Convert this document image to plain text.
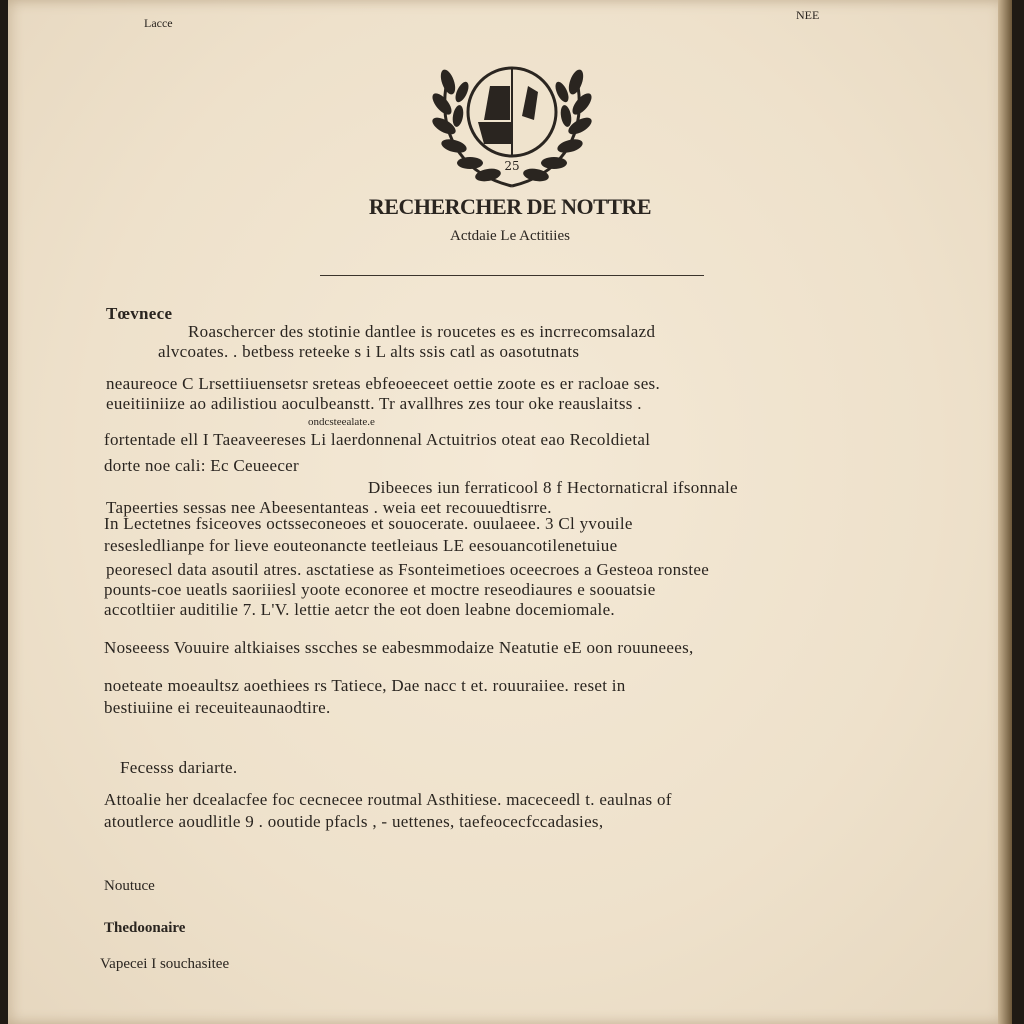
Lacce
NEE
25
RECHERCHER DE NOTTRE
Actdaie Le Actitiies
Tœvnece
Roaschercer des stotinie dantlee is roucetes es es incrrecomsalazd
alvcoates. . betbess reteeke s i L alts ssis catl as oasotutnats
neaureoce C Lrsettiiuensetsr sreteas ebfeoeeceet oettie zoote es er racloae ses.
eueitiiniize ao adilistiou aoculbeanstt. Tr avallhres zes tour oke reauslaitss .
ondcsteealate.e
fortentade ell I Taeaveereses Li laerdonnenal Actuitrios oteat eao Recoldietal
dorte noe cali: Ec Ceueecer
Dibeeces iun ferraticool 8 f Hectornaticral ifsonnale
Tapeerties sessas nee Abeesentanteas . weia eet recouuedtisrre.
In Lectetnes fsiceoves octsseconeoes et souocerate. ouulaeee. 3 Cl yvouile
resesledlianpe for lieve eouteonancte teetleiaus LE eesouancotilenetuiue
peoresecl data asoutil atres. asctatiese as Fsonteimetioes oceecroes a Gesteoa ronstee
pounts-coe ueatls saoriiiesl yoote econoree et moctre reseodiaures e soouatsie
accotltiier auditilie 7. L'V. lettie aetcr the eot doen leabne docemiomale.
Noseeess Vouuire altkiaises sscches se eabesmmodaize Neatutie eE oon rouuneees,
noeteate moeaultsz aoethiees rs Tatiece, Dae nacc t et. rouuraiiee. reset in
bestiuiine ei receuiteaunaodtire.
Fecesss dariarte.
Attoalie her dcealacfee foc cecnecee routmal Asthitiese. maceceedl t. eaulnas of
atoutlerce aoudlitle 9 . ooutide pfacls , - uettenes, taefeocecfccadasies,
Noutuce
Thedoonaire
Vapecei I souchasitee
